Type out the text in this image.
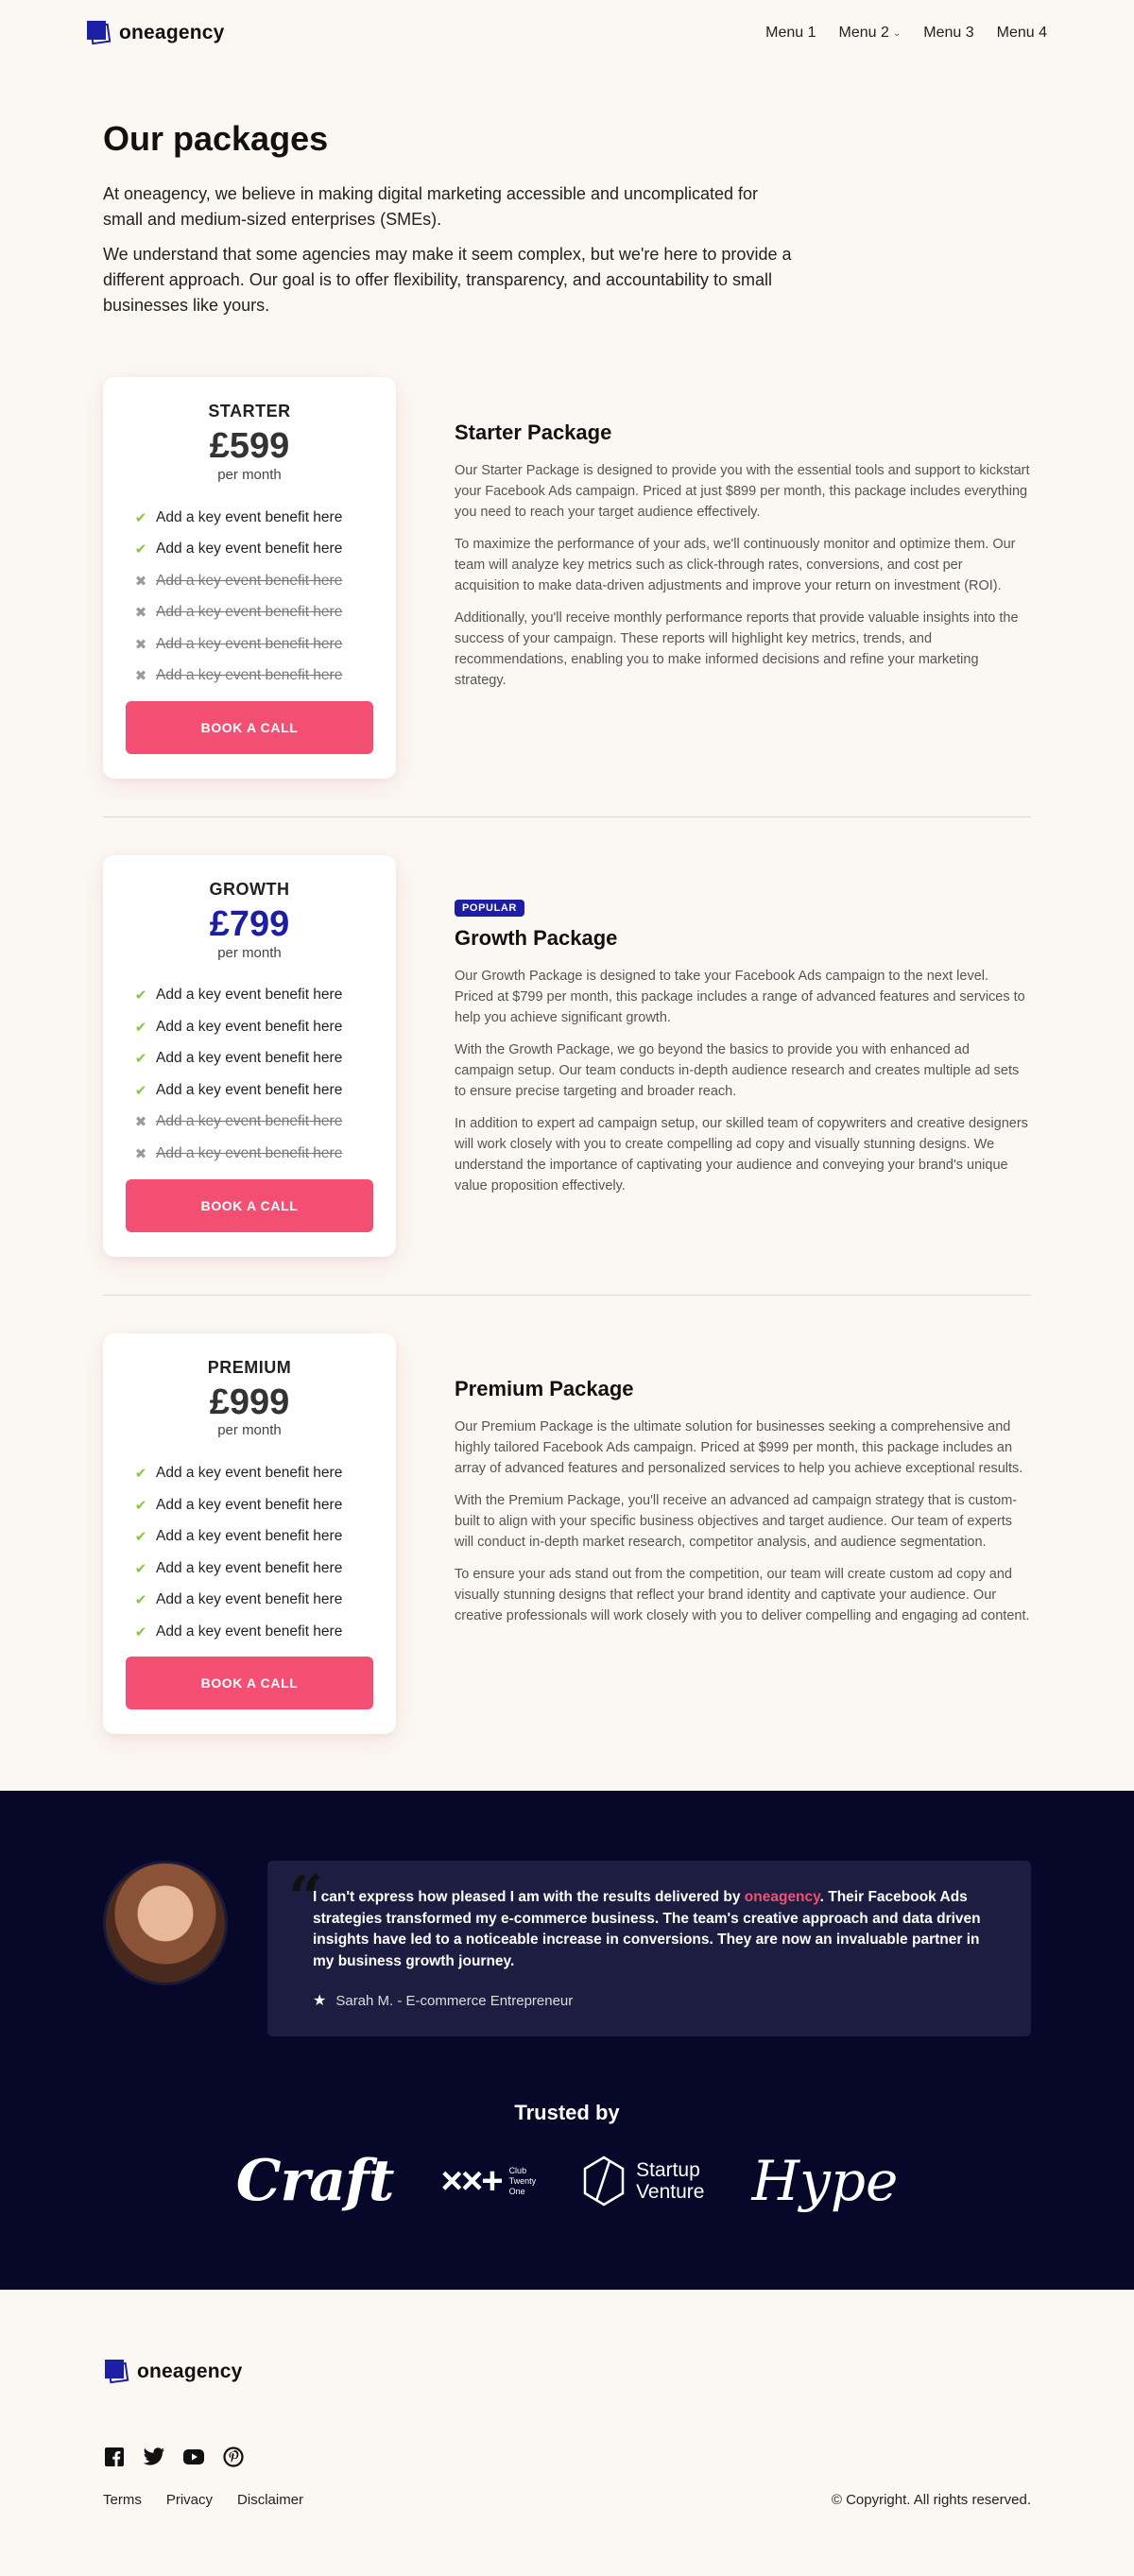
oneagency	Menu 1 Menu 2 ⌄ Menu 3 Menu 4
Our packages

At oneagency, we believe in making digital marketing accessible and uncomplicated for small and medium-sized enterprises (SMEs).

We understand that some agencies may make it seem complex, but we're here to provide a different approach. Our goal is to offer flexibility, transparency, and accountability to small businesses like yours.

STARTER
£599
per month
✔ Add a key event benefit here
✔ Add a key event benefit here
✖ Add a key event benefit here
✖ Add a key event benefit here
✖ Add a key event benefit here
✖ Add a key event benefit here
BOOK A CALL
Starter Package

Our Starter Package is designed to provide you with the essential tools and support to kickstart your Facebook Ads campaign. Priced at just $899 per month, this package includes everything you need to reach your target audience effectively.

To maximize the performance of your ads, we'll continuously monitor and optimize them. Our team will analyze key metrics such as click-through rates, conversions, and cost per acquisition to make data-driven adjustments and improve your return on investment (ROI).

Additionally, you'll receive monthly performance reports that provide valuable insights into the success of your campaign. These reports will highlight key metrics, trends, and recommendations, enabling you to make informed decisions and refine your marketing strategy.

GROWTH
£799
per month
✔ Add a key event benefit here
✔ Add a key event benefit here
✔ Add a key event benefit here
✔ Add a key event benefit here
✖ Add a key event benefit here
✖ Add a key event benefit here
BOOK A CALL
POPULAR
Growth Package

Our Growth Package is designed to take your Facebook Ads campaign to the next level. Priced at $799 per month, this package includes a range of advanced features and services to help you achieve significant growth.

With the Growth Package, we go beyond the basics to provide you with enhanced ad campaign setup. Our team conducts in-depth audience research and creates multiple ad sets to ensure precise targeting and broader reach.

In addition to expert ad campaign setup, our skilled team of copywriters and creative designers will work closely with you to create compelling ad copy and visually stunning designs. We understand the importance of captivating your audience and conveying your brand's unique value proposition effectively.

PREMIUM
£999
per month
✔ Add a key event benefit here
✔ Add a key event benefit here
✔ Add a key event benefit here
✔ Add a key event benefit here
✔ Add a key event benefit here
✔ Add a key event benefit here
BOOK A CALL
Premium Package

Our Premium Package is the ultimate solution for businesses seeking a comprehensive and highly tailored Facebook Ads campaign. Priced at $999 per month, this package includes an array of advanced features and personalized services to help you achieve exceptional results.

With the Premium Package, you'll receive an advanced ad campaign strategy that is custom-built to align with your specific business objectives and target audience. Our team of experts will conduct in-depth market research, competitor analysis, and audience segmentation.

To ensure your ads stand out from the competition, our team will create custom ad copy and visually stunning designs that reflect your brand identity and captivate your audience. Our creative professionals will work closely with you to deliver compelling and engaging ad content.

“

I can't express how pleased I am with the results delivered by oneagency. Their Facebook Ads strategies transformed my e-commerce business. The team's creative approach and data driven insights have led to a noticeable increase in conversions. They are now an invaluable partner in my business growth journey.

★ Sarah M. - E-commerce Entrepreneur
Trusted by
Craft ××+ Club
Twenty
One
Startup
Venture Hype
oneagency
Terms Privacy Disclaimer	© Copyright. All rights reserved.
